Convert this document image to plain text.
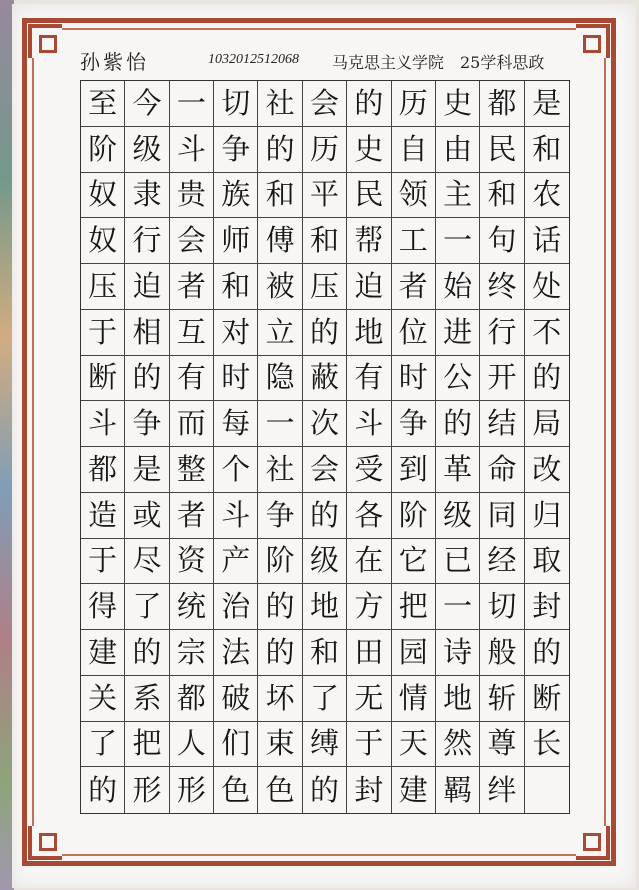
孙紫怡	1032012512068 马克思主义学院 25学科思政
至 今 一 切 社 会 的 历 史 都 是
阶 级 斗 争 的 历 史 自 由 民 和
奴 隶 贵 族 和 平 民 领 主 和 农
奴 行 会 师 傅 和 帮 工 一 句 话
压 迫 者 和 被 压 迫 者 始 终 处
于 相 互 对 立 的 地 位 进 行 不
断 的 有 时 隐 蔽 有 时 公 开 的
斗 争 而 每 一 次 斗 争 的 结 局
都 是 整 个 社 会 受 到 革 命 改
造 或 者 斗 争 的 各 阶 级 同 归
于 尽 资 产 阶 级 在 它 已 经 取
得 了 统 治 的 地 方 把 一 切 封
建 的 宗 法 的 和 田 园 诗 般 的
关 系 都 破 坏 了 无 情 地 斩 断
了 把 人 们 束 缚 于 天 然 尊 长
的 形 形 色 色 的 封 建 羁 绊
